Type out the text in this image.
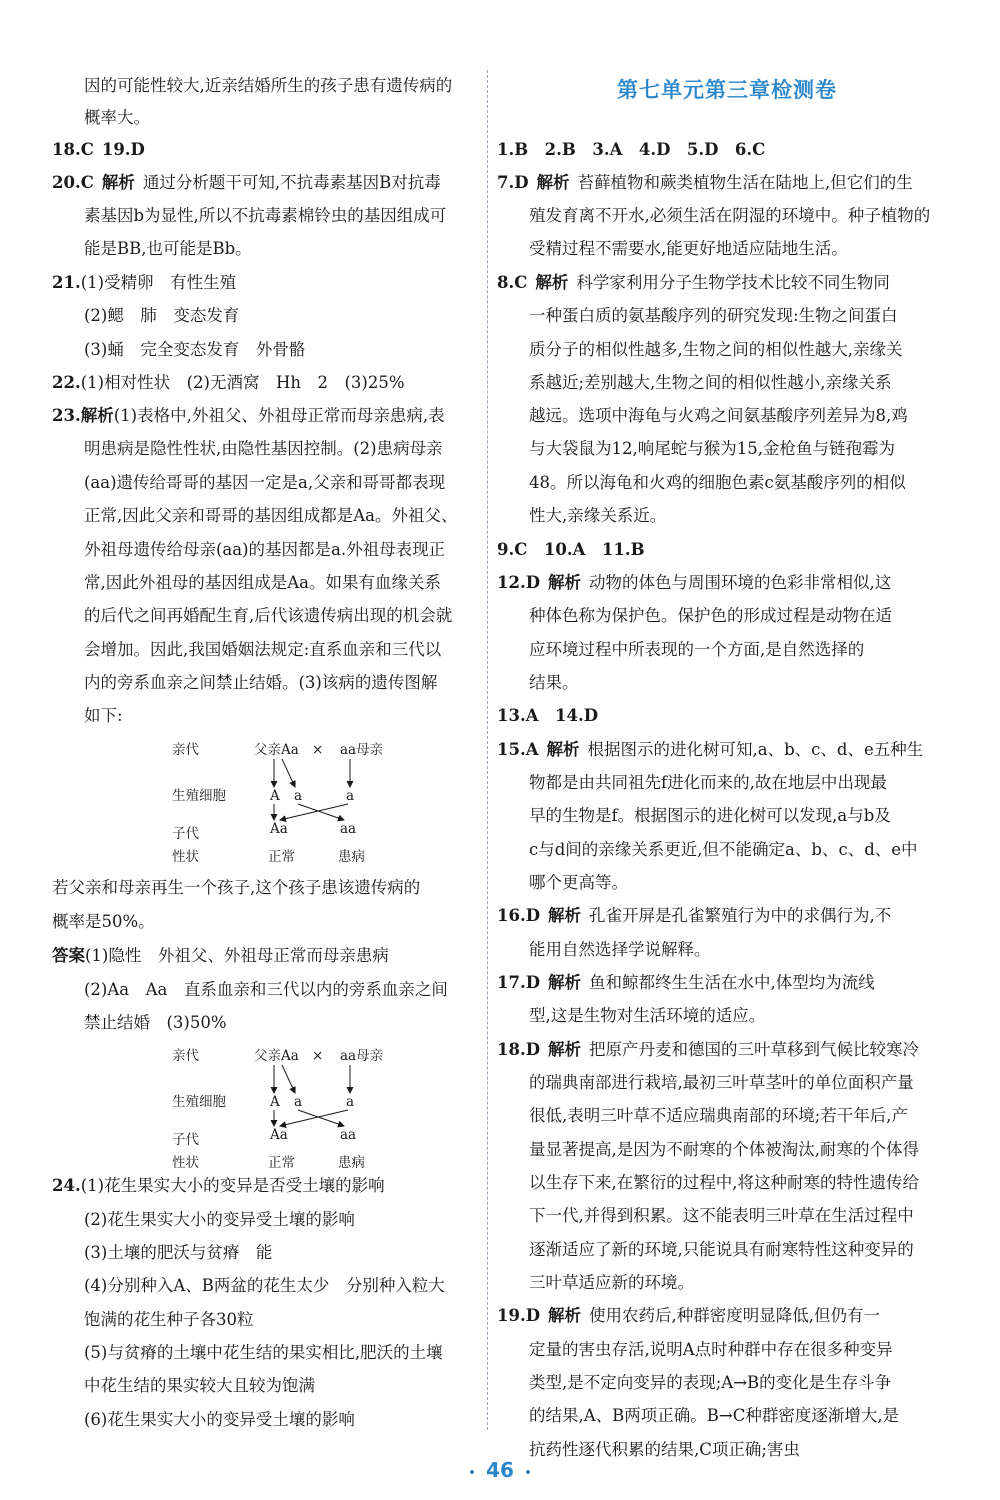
因的可能性较大,近亲结婚所生的孩子患有遗传病的
概率大。
18.C 19.D
20.C 解析 通过分析题干可知,不抗毒素基因B对抗毒
素基因b为显性,所以不抗毒素棉铃虫的基因组成可
能是BB,也可能是Bb。
21.(1)受精卵　有性生殖
(2)鳃　肺　变态发育
(3)蛹　完全变态发育　外骨骼
22.(1)相对性状　(2)无酒窝　Hh　2　(3)25%
23.解析(1)表格中,外祖父、外祖母正常而母亲患病,表
明患病是隐性性状,由隐性基因控制。(2)患病母亲
(aa)遗传给哥哥的基因一定是a,父亲和哥哥都表现
正常,因此父亲和哥哥的基因组成都是Aa。外祖父、
外祖母遗传给母亲(aa)的基因都是a.外祖母表现正
常,因此外祖母的基因组成是Aa。如果有血缘关系
的后代之间再婚配生育,后代该遗传病出现的机会就
会增加。因此,我国婚姻法规定:直系血亲和三代以
内的旁系血亲之间禁止结婚。(3)该病的遗传图解
如下:
亲代	父亲Aa × aa母亲
生殖细胞	A a	a
子代	Aa	aa
性状	正常	患病
若父亲和母亲再生一个孩子,这个孩子患该遗传病的
概率是50%。
答案(1)隐性　外祖父、外祖母正常而母亲患病
(2)Aa　Aa　直系血亲和三代以内的旁系血亲之间
禁止结婚　(3)50%
亲代	父亲Aa × aa母亲
生殖细胞	A a	a
子代	Aa	aa
性状	正常	患病
24.(1)花生果实大小的变异是否受土壤的影响
(2)花生果实大小的变异受土壤的影响
(3)土壤的肥沃与贫瘠　能
(4)分别种入A、B两盆的花生太少　分别种入粒大
饱满的花生种子各30粒
(5)与贫瘠的土壤中花生结的果实相比,肥沃的土壤
中花生结的果实较大且较为饱满
(6)花生果实大小的变异受土壤的影响
第七单元第三章检测卷
1.B　2.B　3.A　4.D　5.D　6.C
7.D 解析 苔藓植物和蕨类植物生活在陆地上,但它们的生
殖发育离不开水,必须生活在阴湿的环境中。种子植物的
受精过程不需要水,能更好地适应陆地生活。
8.C 解析 科学家利用分子生物学技术比较不同生物同
一种蛋白质的氨基酸序列的研究发现:生物之间蛋白
质分子的相似性越多,生物之间的相似性越大,亲缘关
系越近;差别越大,生物之间的相似性越小,亲缘关系
越远。选项中海龟与火鸡之间氨基酸序列差异为8,鸡
与大袋鼠为12,响尾蛇与猴为15,金枪鱼与链孢霉为
48。所以海龟和火鸡的细胞色素c氨基酸序列的相似
性大,亲缘关系近。
9.C　10.A　11.B
12.D 解析 动物的体色与周围环境的色彩非常相似,这
种体色称为保护色。保护色的形成过程是动物在适
应环境过程中所表现的一个方面,是自然选择的
结果。
13.A　14.D
15.A 解析 根据图示的进化树可知,a、b、c、d、e五种生
物都是由共同祖先f进化而来的,故在地层中出现最
早的生物是f。根据图示的进化树可以发现,a与b及
c与d间的亲缘关系更近,但不能确定a、b、c、d、e中
哪个更高等。
16.D 解析 孔雀开屏是孔雀繁殖行为中的求偶行为,不
能用自然选择学说解释。
17.D 解析 鱼和鲸都终生生活在水中,体型均为流线
型,这是生物对生活环境的适应。
18.D 解析 把原产丹麦和德国的三叶草移到气候比较寒冷
的瑞典南部进行栽培,最初三叶草茎叶的单位面积产量
很低,表明三叶草不适应瑞典南部的环境;若干年后,产
量显著提高,是因为不耐寒的个体被淘汰,耐寒的个体得
以生存下来,在繁衍的过程中,将这种耐寒的特性遗传给
下一代,并得到积累。这不能表明三叶草在生活过程中
逐渐适应了新的环境,只能说具有耐寒特性这种变异的
三叶草适应新的环境。
19.D 解析 使用农药后,种群密度明显降低,但仍有一
定量的害虫存活,说明A点时种群中存在很多种变异
类型,是不定向变异的表现;A→B的变化是生存斗争
的结果,A、B两项正确。B→C种群密度逐渐增大,是
抗药性逐代积累的结果,C项正确;害虫
46
